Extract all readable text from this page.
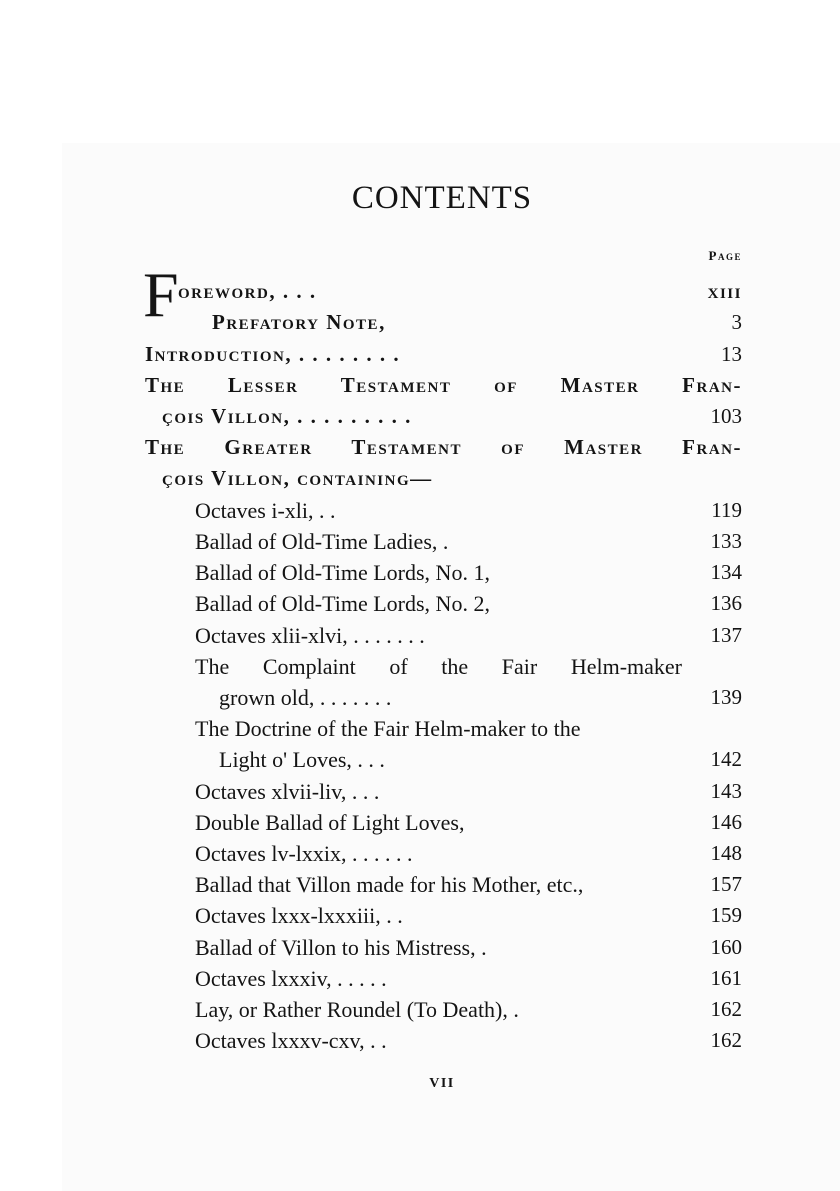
CONTENTS
Page
F oreword, . . .	xiii
Prefatory Note,	3
Introduction, . . . . . . . .	13
The Lesser Testament of Master Fran-
çois Villon, . . . . . . . . .	103
The Greater Testament of Master Fran-
çois Villon, containing—
Octaves i-xli, . .	119
Ballad of Old-Time Ladies, .	133
Ballad of Old-Time Lords, No. 1,	134
Ballad of Old-Time Lords, No. 2,	136
Octaves xlii-xlvi, . . . . . . .	137
The Complaint of the Fair Helm-maker
grown old, . . . . . . .	139
The Doctrine of the Fair Helm-maker to the
Light o' Loves, . . .	142
Octaves xlvii-liv, . . .	143
Double Ballad of Light Loves,	146
Octaves lv-lxxix, . . . . . .	148
Ballad that Villon made for his Mother, etc.,	157
Octaves lxxx-lxxxiii, . .	159
Ballad of Villon to his Mistress, .	160
Octaves lxxxiv, . . . . .	161
Lay, or Rather Roundel (To Death), .	162
Octaves lxxxv-cxv, . .	162
VII
